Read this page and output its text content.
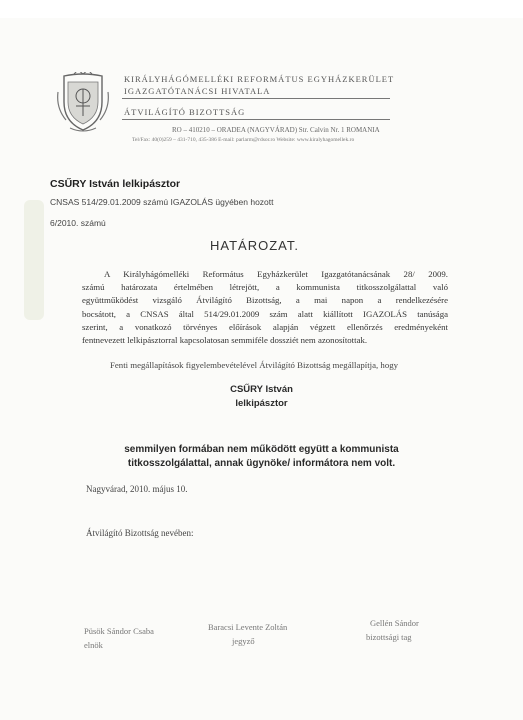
KIRÁLYHÁGÓMELLÉKI REFORMÁTUS EGYHÁZKERÜLET
IGAZGATÓTANÁCSI HIVATALA
ÁTVILÁGÍTÓ BIZOTTSÁG
RO – 410210 – ORADEA (NAGYVÁRAD) Str. Calvin Nr. 1 ROMANIA
Tel/Fax: 40(0)259 – 431-710, 435-386 E-mail: parlarm@rdsor.ro Website: www.kiralyhagomellek.ro
CSŰRY István lelkipásztor
CNSAS 514/29.01.2009 számú IGAZOLÁS ügyében hozott
6/2010. számú
HATÁROZAT.
A Királyhágómelléki Református Egyházkerület Igazgatótanácsának 28/ 2009.
számú határozata értelmében létrejött, a kommunista titkosszolgálattal való
együttműködést vizsgáló Átvilágító Bizottság, a mai napon a rendelkezésére
bocsátott, a CNSAS által 514/29.01.2009 szám alatt kiállított IGAZOLÁS tanúsága
szerint, a vonatkozó törvényes előírások alapján végzett ellenőrzés eredményeként
fentnevezett lelkipásztorral kapcsolatosan semmiféle dossziét nem azonosítottak.
Fenti megállapítások figyelembevételével Átvilágító Bizottság megállapítja, hogy
CSŰRY István
lelkipásztor
semmilyen formában nem működött együtt a kommunista
titkosszolgálattal, annak ügynöke/ informátora nem volt.
Nagyvárad, 2010. május 10.
Átvilágító Bizottság nevében:
Püsök Sándor Csaba
elnök
Baracsi Levente Zoltán
jegyző
Gellén Sándor
bizottsági tag
